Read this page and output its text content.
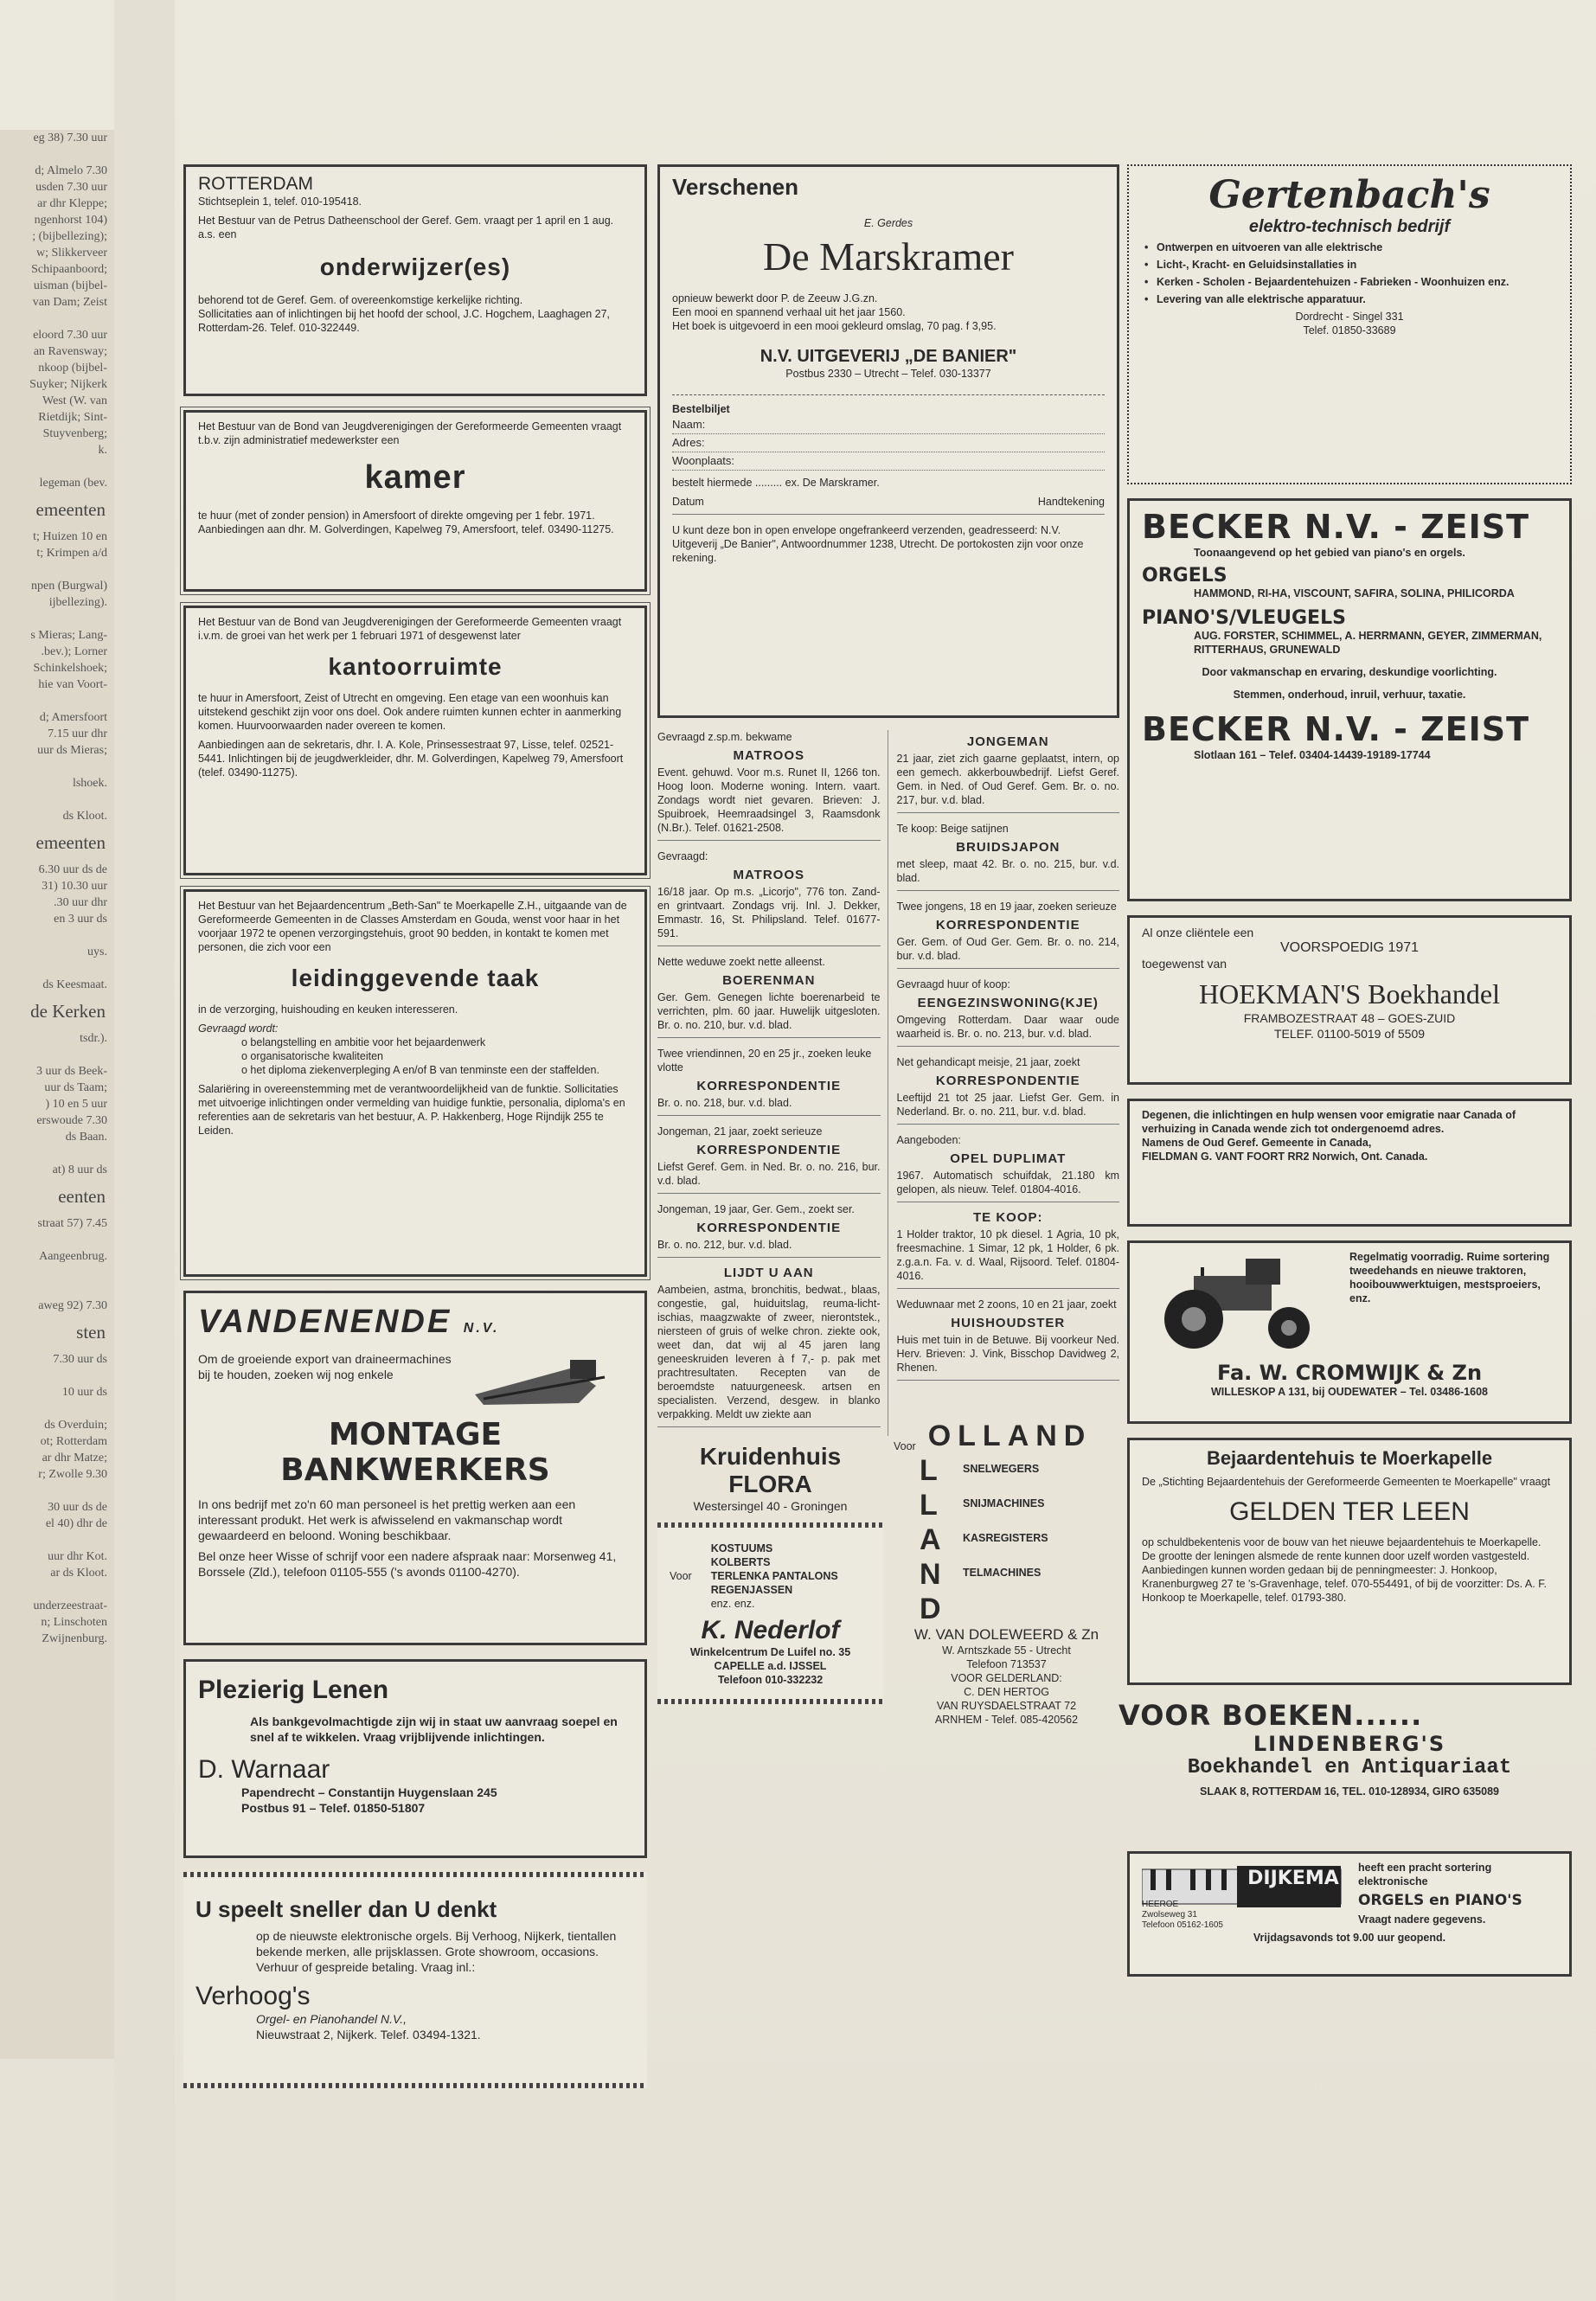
eg 38) 7.30 uur

d; Almelo 7.30
usden 7.30 uur
ar dhr Kleppe;
ngenhorst 104)
; (bijbellezing);
w; Slikkerveer
Schipaanboord;
uisman (bijbel-
van Dam; Zeist

eloord 7.30 uur
an Ravensway;
nkoop (bijbel-
Suyker; Nijkerk
West (W. van
Rietdijk; Sint-
Stuyvenberg;
k.

legeman (bev.
emeenten
t; Huizen 10 en
t; Krimpen a/d

npen (Burgwal)
ijbellezing).

s Mieras; Lang-
.bev.); Lorner
Schinkelshoek;
hie van Voort-

d; Amersfoort
7.15 uur dhr
uur ds Mieras;

lshoek.

ds Kloot.
emeenten
6.30 uur ds de
31) 10.30 uur
.30 uur dhr
en 3 uur ds

uys.

ds Keesmaat.
de Kerken
tsdr.).

3 uur ds Beek-
uur ds Taam;
) 10 en 5 uur
erswoude 7.30
ds Baan.

at) 8 uur ds
eenten
straat 57) 7.45

Aangeenbrug.

aweg 92) 7.30
sten
7.30 uur ds

10 uur ds

ds Overduin;
ot; Rotterdam
ar dhr Matze;
r; Zwolle 9.30

30 uur ds de
el 40) dhr de

uur dhr Kot.
ar ds Kloot.

underzeestraat-
n; Linschoten
Zwijnenburg.
ROTTERDAM
Stichtseplein 1, telef. 010-195418.
Het Bestuur van de Petrus Datheenschool der Geref. Gem. vraagt per 1 april en 1 aug. a.s. een
onderwijzer(es)
behorend tot de Geref. Gem. of overeenkomstige kerkelijke richting.
Sollicitaties aan of inlichtingen bij het hoofd der school, J.C. Hogchem, Laaghagen 27, Rotterdam-26. Telef. 010-322449.
Het Bestuur van de Bond van Jeugdverenigingen der Gereformeerde Gemeenten vraagt t.b.v. zijn administratief medewerkster een
kamer
te huur (met of zonder pension) in Amersfoort of direkte omgeving per 1 febr. 1971. Aanbiedingen aan dhr. M. Golverdingen, Kapelweg 79, Amersfoort, telef. 03490-11275.
Het Bestuur van de Bond van Jeugdverenigingen der Gereformeerde Gemeenten vraagt i.v.m. de groei van het werk per 1 februari 1971 of desgewenst later
kantoorruimte
te huur in Amersfoort, Zeist of Utrecht en omgeving. Een etage van een woonhuis kan uitstekend geschikt zijn voor ons doel. Ook andere ruimten kunnen echter in aanmerking komen. Huurvoorwaarden nader overeen te komen.
Aanbiedingen aan de sekretaris, dhr. I. A. Kole, Prinsessestraat 97, Lisse, telef. 02521-5441. Inlichtingen bij de jeugdwerkleider, dhr. M. Golverdingen, Kapelweg 79, Amersfoort (telef. 03490-11275).
Het Bestuur van het Bejaardencentrum „Beth-San" te Moerkapelle Z.H., uitgaande van de Gereformeerde Gemeenten in de Classes Amsterdam en Gouda, wenst voor haar in het voorjaar 1972 te openen verzorgingstehuis, groot 90 bedden, in kontakt te komen met personen, die zich voor een
leidinggevende taak
in de verzorging, huishouding en keuken interesseren.
Gevraagd wordt:
o belangstelling en ambitie voor het bejaardenwerk
o organisatorische kwaliteiten
o het diploma ziekenverpleging A en/of B van tenminste een der staffelden.
Salariëring in overeenstemming met de verantwoordelijkheid van de funktie. Sollicitaties met uitvoerige inlichtingen onder vermelding van huidige funktie, personalia, diploma's en referenties aan de sekretaris van het bestuur, A. P. Hakkenberg, Hoge Rijndijk 255 te Leiden.
VANDENENDE N.V.
Om de groeiende export van draineermachines bij te houden, zoeken wij nog enkele
MONTAGE
BANKWERKERS
In ons bedrijf met zo'n 60 man personeel is het prettig werken aan een interessant produkt. Het werk is afwisselend en vakmanschap wordt gewaardeerd en beloond. Woning beschikbaar.
Bel onze heer Wisse of schrijf voor een nadere afspraak naar: Morsenweg 41, Borssele (Zld.), telefoon 01105-555 ('s avonds 01100-4270).
Plezierig Lenen
Als bankgevolmachtigde zijn wij in staat uw aanvraag soepel en snel af te wikkelen. Vraag vrijblijvende inlichtingen.
D. Warnaar
Papendrecht – Constantijn Huygenslaan 245
Postbus 91 – Telef. 01850-51807
U speelt sneller dan U denkt
op de nieuwste elektronische orgels. Bij Verhoog, Nijkerk, tientallen bekende merken, alle prijsklassen. Grote showroom, occasions. Verhuur of gespreide betaling. Vraag inl.:
Verhoog's
Orgel- en Pianohandel N.V.,
Nieuwstraat 2, Nijkerk. Telef. 03494-1321.
Verschenen
E. Gerdes
De Marskramer
opnieuw bewerkt door P. de Zeeuw J.G.zn.
Een mooi en spannend verhaal uit het jaar 1560.
Het boek is uitgevoerd in een mooi gekleurd omslag, 70 pag. f 3,95.
N.V. UITGEVERIJ „DE BANIER"
Postbus 2330 – Utrecht – Telef. 030-13377
Bestelbiljet
Naam:
Adres:
Woonplaats:
bestelt hiermede ......... ex. De Marskramer.
Datum	Handtekening
U kunt deze bon in open envelope ongefrankeerd verzenden, geadresseerd: N.V. Uitgeverij „De Banier", Antwoordnummer 1238, Utrecht. De portokosten zijn voor onze rekening.
Gevraagd z.sp.m. bekwame
MATROOS
Event. gehuwd. Voor m.s. Runet II, 1266 ton. Hoog loon. Moderne woning. Intern. vaart. Zondags wordt niet gevaren. Brieven: J. Spuibroek, Heemraadsingel 3, Raamsdonk (N.Br.). Telef. 01621-2508.
Gevraagd:
MATROOS
16/18 jaar. Op m.s. „Licorjo", 776 ton. Zand- en grintvaart. Zondags vrij. Inl. J. Dekker, Emmastr. 16, St. Philipsland. Telef. 01677-591.
Nette weduwe zoekt nette alleenst.
BOERENMAN
Ger. Gem. Genegen lichte boerenarbeid te verrichten, plm. 60 jaar. Huwelijk uitgesloten. Br. o. no. 210, bur. v.d. blad.
Twee vriendinnen, 20 en 25 jr., zoeken leuke vlotte
KORRESPONDENTIE
Br. o. no. 218, bur. v.d. blad.
Jongeman, 21 jaar, zoekt serieuze
KORRESPONDENTIE
Liefst Geref. Gem. in Ned. Br. o. no. 216, bur. v.d. blad.
Jongeman, 19 jaar, Ger. Gem., zoekt ser.
KORRESPONDENTIE
Br. o. no. 212, bur. v.d. blad.
LIJDT U AAN
Aambeien, astma, bronchitis, bedwat., blaas, congestie, gal, huiduitslag, reuma-licht-ischias, maagzwakte of zweer, nierontstek., niersteen of gruis of welke chron. ziekte ook, weet dan, dat wij al 45 jaren lang geneeskruiden leveren à f 7,- p. pak met prachtresultaten. Recepten van de beroemdste natuurgeneesk. artsen en specialisten. Verzend, desgew. in blanko verpakking. Meldt uw ziekte aan
JONGEMAN
21 jaar, ziet zich gaarne geplaatst, intern, op een gemech. akkerbouwbedrijf. Liefst Geref. Gem. in Ned. of Oud Geref. Gem. Br. o. no. 217, bur. v.d. blad.
Te koop: Beige satijnen
BRUIDSJAPON
met sleep, maat 42. Br. o. no. 215, bur. v.d. blad.
Twee jongens, 18 en 19 jaar, zoeken serieuze
KORRESPONDENTIE
Ger. Gem. of Oud Ger. Gem. Br. o. no. 214, bur. v.d. blad.
Gevraagd huur of koop:
EENGEZINSWONING(KJE)
Omgeving Rotterdam. Daar waar oude waarheid is. Br. o. no. 213, bur. v.d. blad.
Net gehandicapt meisje, 21 jaar, zoekt
KORRESPONDENTIE
Leeftijd 21 tot 25 jaar. Liefst Ger. Gem. in Nederland. Br. o. no. 211, bur. v.d. blad.
Aangeboden:
OPEL DUPLIMAT
1967. Automatisch schuifdak, 21.180 km gelopen, als nieuw. Telef. 01804-4016.
TE KOOP:
1 Holder traktor, 10 pk diesel. 1 Agria, 10 pk, freesmachine. 1 Simar, 12 pk, 1 Holder, 6 pk. z.g.a.n. Fa. v. d. Waal, Rijsoord. Telef. 01804-4016.
Weduwnaar met 2 zoons, 10 en 21 jaar, zoekt
HUISHOUDSTER
Huis met tuin in de Betuwe. Bij voorkeur Ned. Herv. Brieven: J. Vink, Bisschop Davidweg 2, Rhenen.
Kruidenhuis
FLORA
Westersingel 40 - Groningen
Voor
KOSTUUMS
KOLBERTS
TERLENKA PANTALONS
REGENJASSEN
enz. enz.
K. Nederlof
Winkelcentrum De Luifel no. 35
CAPELLE a.d. IJSSEL
Telefoon 010-332232
Voor OLLAND
L
L
A
N
D
SNELWEGERS
SNIJMACHINES
KASREGISTERS
TELMACHINES
W. VAN DOLEWEERD & Zn
W. Arntszkade 55 - Utrecht
Telefoon 713537
VOOR GELDERLAND:
C. DEN HERTOG
VAN RUYSDAELSTRAAT 72
ARNHEM - Telef. 085-420562
Gertenbach's
elektro-technisch bedrijf
• Ontwerpen en uitvoeren van alle elektrische
• Licht-, Kracht- en Geluidsinstallaties in
• Kerken - Scholen - Bejaardentehuizen - Fabrieken - Woonhuizen enz.
• Levering van alle elektrische apparatuur.
Dordrecht - Singel 331
Telef. 01850-33689
BECKER N.V. - ZEIST
Toonaangevend op het gebied van piano's en orgels.
ORGELS
HAMMOND, RI-HA, VISCOUNT, SAFIRA, SOLINA, PHILICORDA
PIANO'S/VLEUGELS
AUG. FORSTER, SCHIMMEL, A. HERRMANN, GEYER, ZIMMERMAN, RITTERHAUS, GRUNEWALD
Door vakmanschap en ervaring, deskundige voorlichting.
Stemmen, onderhoud, inruil, verhuur, taxatie.
BECKER N.V. - ZEIST
Slotlaan 161 – Telef. 03404-14439-19189-17744
Al onze cliëntele een
VOORSPOEDIG 1971
toegewenst van
HOEKMAN'S Boekhandel
FRAMBOZESTRAAT 48 – GOES-ZUID
TELEF. 01100-5019 of 5509
Degenen, die inlichtingen en hulp wensen voor emigratie naar Canada of verhuizing in Canada wende zich tot ondergenoemd adres.
Namens de Oud Geref. Gemeente in Canada,
FIELDMAN G. VANT FOORT RR2 Norwich, Ont. Canada.
Regelmatig voorradig. Ruime sortering tweedehands en nieuwe traktoren, hooibouwwerktuigen, mestsproeiers, enz.
Fa. W. CROMWIJK & Zn
WILLESKOP A 131, bij OUDEWATER – Tel. 03486-1608
Bejaardentehuis te Moerkapelle
De „Stichting Bejaardentehuis der Gereformeerde Gemeenten te Moerkapelle" vraagt
GELDEN TER LEEN
op schuldbekentenis voor de bouw van het nieuwe bejaardentehuis te Moerkapelle. De grootte der leningen alsmede de rente kunnen door uzelf worden vastgesteld. Aanbiedingen kunnen worden gedaan bij de penningmeester: J. Honkoop, Kranenburgweg 27 te 's-Gravenhage, telef. 070-554491, of bij de voorzitter: Ds. A. F. Honkoop te Moerkapelle, telef. 01793-380.
VOOR BOEKEN......
LINDENBERG'S
Boekhandel en Antiquariaat
SLAAK 8, ROTTERDAM 16, TEL. 010-128934, GIRO 635089
DIJKEMA
HEEROE
Zwolseweg 31
Telefoon 05162-1605
heeft een pracht sortering elektronische
ORGELS en PIANO'S
Vraagt nadere gegevens.
Vrijdagsavonds tot 9.00 uur geopend.
